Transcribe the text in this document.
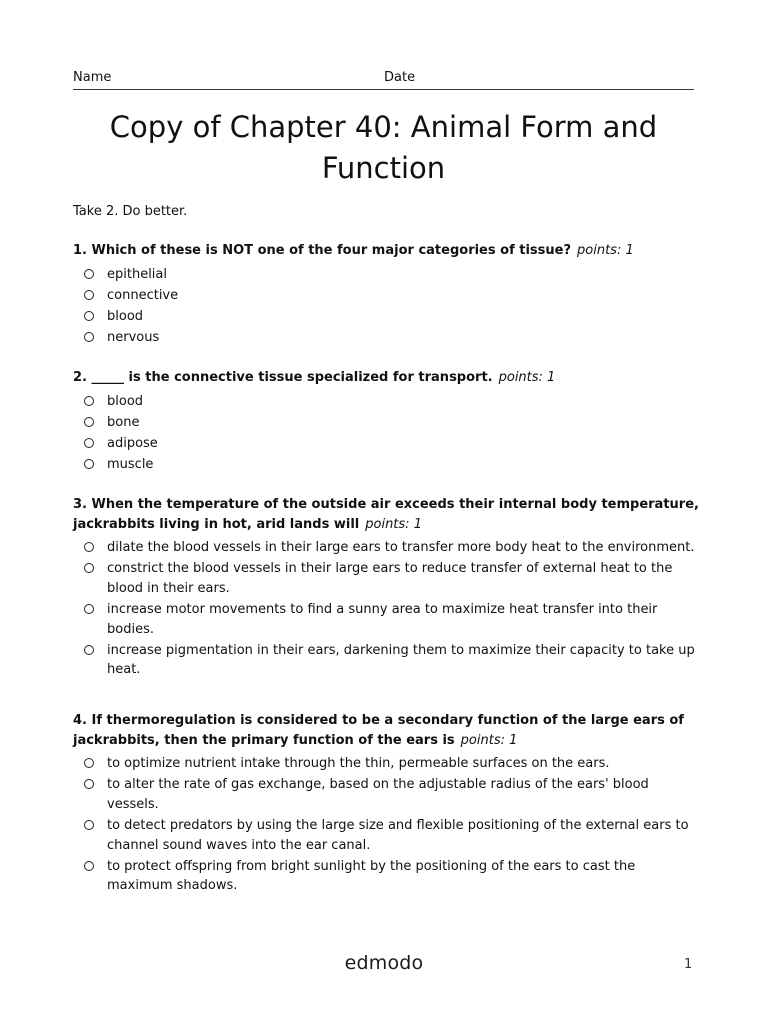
Name	Date
Copy of Chapter 40: Animal Form and Function
Take 2. Do better.
1. Which of these is NOT one of the four major categories of tissue? points: 1
epithelial
connective
blood
nervous
2. _____ is the connective tissue specialized for transport. points: 1
blood
bone
adipose
muscle
3. When the temperature of the outside air exceeds their internal body temperature, jackrabbits living in hot, arid lands will points: 1
dilate the blood vessels in their large ears to transfer more body heat to the environment.
constrict the blood vessels in their large ears to reduce transfer of external heat to the blood in their ears.
increase motor movements to find a sunny area to maximize heat transfer into their bodies.
increase pigmentation in their ears, darkening them to maximize their capacity to take up heat.
4. If thermoregulation is considered to be a secondary function of the large ears of jackrabbits, then the primary function of the ears is points: 1
to optimize nutrient intake through the thin, permeable surfaces on the ears.
to alter the rate of gas exchange, based on the adjustable radius of the ears' blood vessels.
to detect predators by using the large size and flexible positioning of the external ears to channel sound waves into the ear canal.
to protect offspring from bright sunlight by the positioning of the ears to cast the maximum shadows.
edmodo	1
